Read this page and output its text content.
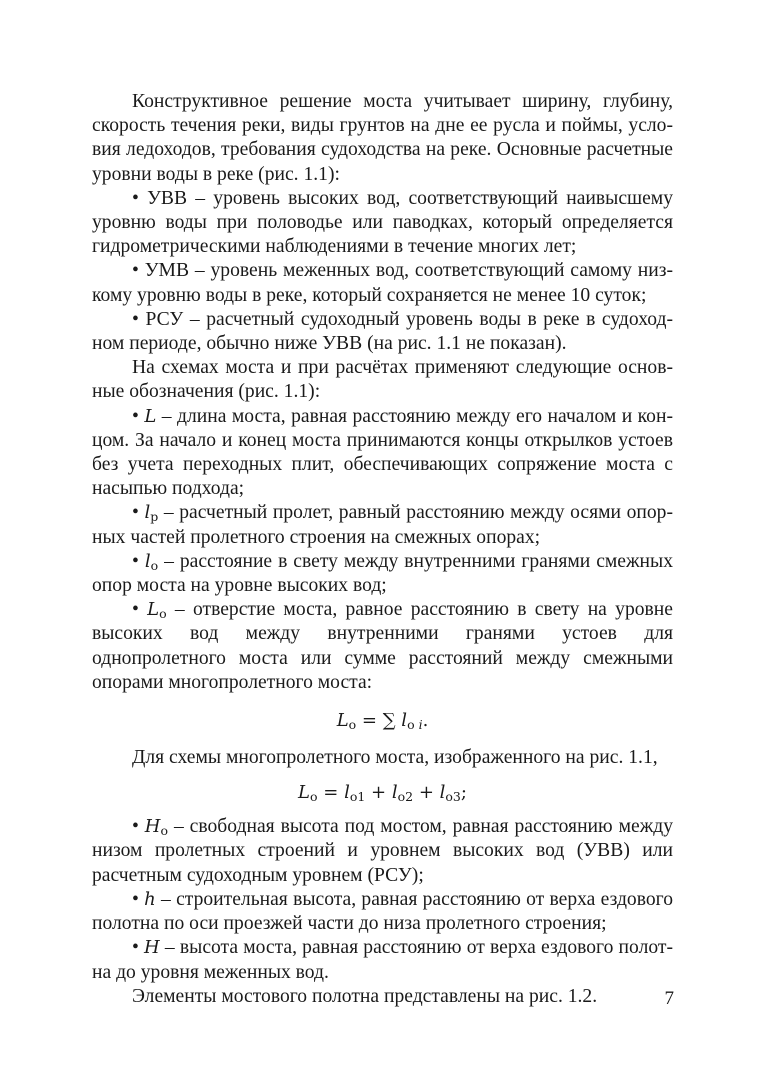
Конструктивное решение моста учитывает ширину, глубину, скорость течения реки, виды грунтов на дне ее русла и поймы, условия ледоходов, требования судоходства на реке. Основные расчетные уровни воды в реке (рис. 1.1):

• УВВ – уровень высоких вод, соответствующий наивысшему уровню воды при половодье или паводках, который определяется гидрометрическими наблюдениями в течение многих лет;

• УМВ – уровень меженных вод, соответствующий самому низкому уровню воды в реке, который сохраняется не менее 10 суток;

• РСУ – расчетный судоходный уровень воды в реке в судоходном периоде, обычно ниже УВВ (на рис. 1.1 не показан).

На схемах моста и при расчётах применяют следующие основные обозначения (рис. 1.1):

• L – длина моста, равная расстоянию между его началом и концом. За начало и конец моста принимаются концы открылков устоев без учета переходных плит, обеспечивающих сопряжение моста с насыпью подхода;

• $l_р$ – расчетный пролет, равный расстоянию между осями опорных частей пролетного строения на смежных опорах;

• $l_о$ – расстояние в свету между внутренними гранями смежных опор моста на уровне высоких вод;

• $L_о$ – отверстие моста, равное расстоянию в свету на уровне высоких вод между внутренними гранями устоев для однопролетного моста или сумме расстояний между смежными опорами многопролетного моста:

$L_о$ = ∑ $l_{о i}$.

Для схемы многопролетного моста, изображенного на рис. 1.1,

$L_о = l_{о1} + l_{о2} + l_{о3}$;

• $H_о$ – свободная высота под мостом, равная расстоянию между низом пролетных строений и уровнем высоких вод (УВВ) или расчетным судоходным уровнем (РСУ);

• ℎ – строительная высота, равная расстоянию от верха ездового полотна по оси проезжей части до низа пролетного строения;

• H – высота моста, равная расстоянию от верха ездового полотна до уровня меженных вод.

Элементы мостового полотна представлены на рис. 1.2.	7
